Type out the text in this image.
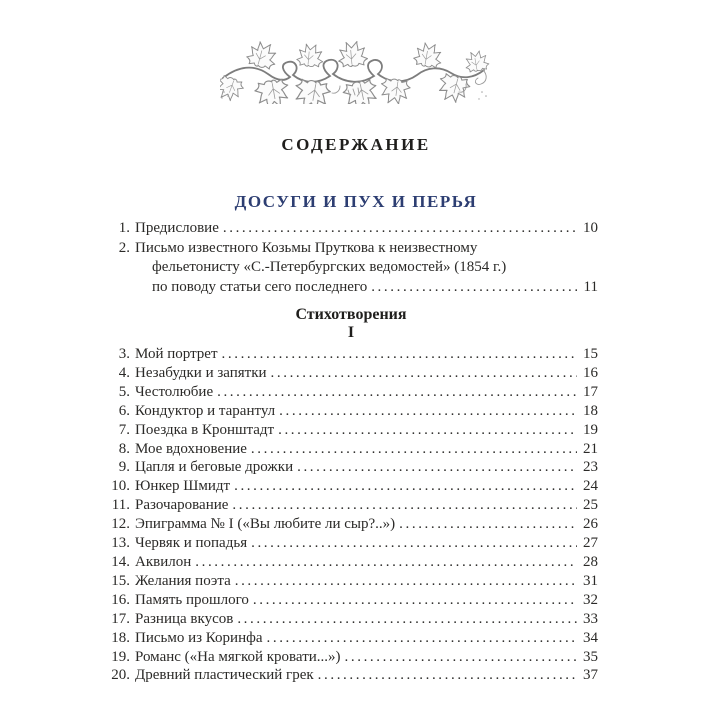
СОДЕРЖАНИЕ
ДОСУГИ И ПУХ И ПЕРЬЯ
1. Предисловие .....	10
2. Письмо известного Козьмы Пруткова к неизвестному
фельетонисту «С.-Петербургских ведомостей» (1854 г.)
по поводу статьи сего последнего .....	11
Стихотворения
I
3. Мой портрет .....	15
4. Незабудки и запятки .....	16
5. Честолюбие .....	17
6. Кондуктор и тарантул .....	18
7. Поездка в Кронштадт .....	19
8. Мое вдохновение .....	21
9. Цапля и беговые дрожки .....	23
10. Юнкер Шмидт .....	24
11. Разочарование .....	25
12. Эпиграмма № I («Вы любите ли сыр?..») .....	26
13. Червяк и попадья .....	27
14. Аквилон .....	28
15. Желания поэта .....	31
16. Память прошлого .....	32
17. Разница вкусов .....	33
18. Письмо из Коринфа .....	34
19. Романс («На мягкой кровати...») .....	35
20. Древний пластический грек .....	37
